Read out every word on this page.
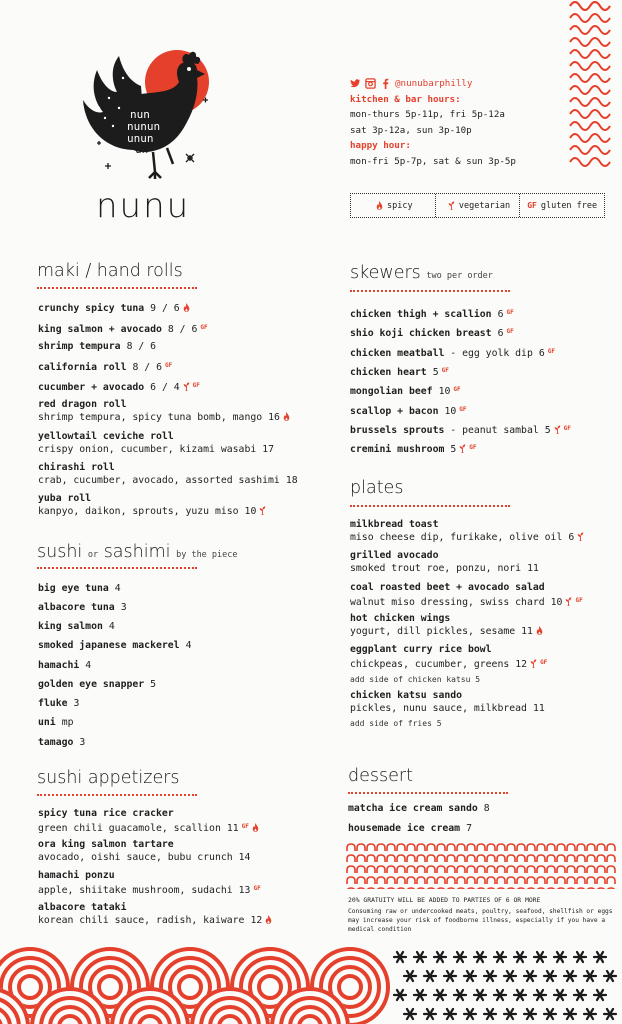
nun
nunun
unun
un
nunu
@nunubarphilly
kitchen & bar hours:
mon-thurs 5p-11p, fri 5p-12a
sat 3p-12a, sun 3p-10p
happy hour:
mon-fri 5p-7p, sat & sun 3p-5p
spicy	vegetarian GF gluten free
maki / hand rolls
crunchy spicy tuna 9 / 6
king salmon + avocado 8 / 6 $^{GF}$
shrimp tempura 8 / 6
california roll 8 / 6 $^{GF}$
cucumber + avocado 6 / 4 $^{GF}$
red dragon roll
shrimp tempura, spicy tuna bomb, mango 16
yellowtail ceviche roll
crispy onion, cucumber, kizami wasabi 17
chirashi roll
crab, cucumber, avocado, assorted sashimi 18
yuba roll
kanpyo, daikon, sprouts, yuzu miso 10
sushi or sashimi by the piece
big eye tuna 4
albacore tuna 3
king salmon 4
smoked japanese mackerel 4
hamachi 4
golden eye snapper 5
fluke 3
uni mp
tamago 3
sushi appetizers
spicy tuna rice cracker
green chili guacamole, scallion 11 $^{GF}$
ora king salmon tartare
avocado, oishi sauce, bubu crunch 14
hamachi ponzu
apple, shiitake mushroom, sudachi 13 $^{GF}$
albacore tataki
korean chili sauce, radish, kaiware 12
skewers two per order
chicken thigh + scallion 6 $^{GF}$
shio koji chicken breast 6 $^{GF}$
chicken meatball - egg yolk dip 6 $^{GF}$
chicken heart 5 $^{GF}$
mongolian beef 10 $^{GF}$
scallop + bacon 10 $^{GF}$
brussels sprouts - peanut sambal 5 $^{GF}$
cremini mushroom 5 $^{GF}$
plates
milkbread toast
miso cheese dip, furikake, olive oil 6
grilled avocado
smoked trout roe, ponzu, nori 11
coal roasted beet + avocado salad
walnut miso dressing, swiss chard 10 $^{GF}$
hot chicken wings
yogurt, dill pickles, sesame 11
eggplant curry rice bowl
chickpeas, cucumber, greens 12 $^{GF}$
add side of chicken katsu 5
chicken katsu sando
pickles, nunu sauce, milkbread 11
add side of fries 5
dessert
matcha ice cream sando 8
housemade ice cream 7
20% GRATUITY WILL BE ADDED TO PARTIES OF 6 OR MORE
Consuming raw or undercooked meats, poultry, seafood, shellfish or eggs may increase your risk of foodborne illness, especially if you have a medical condition
